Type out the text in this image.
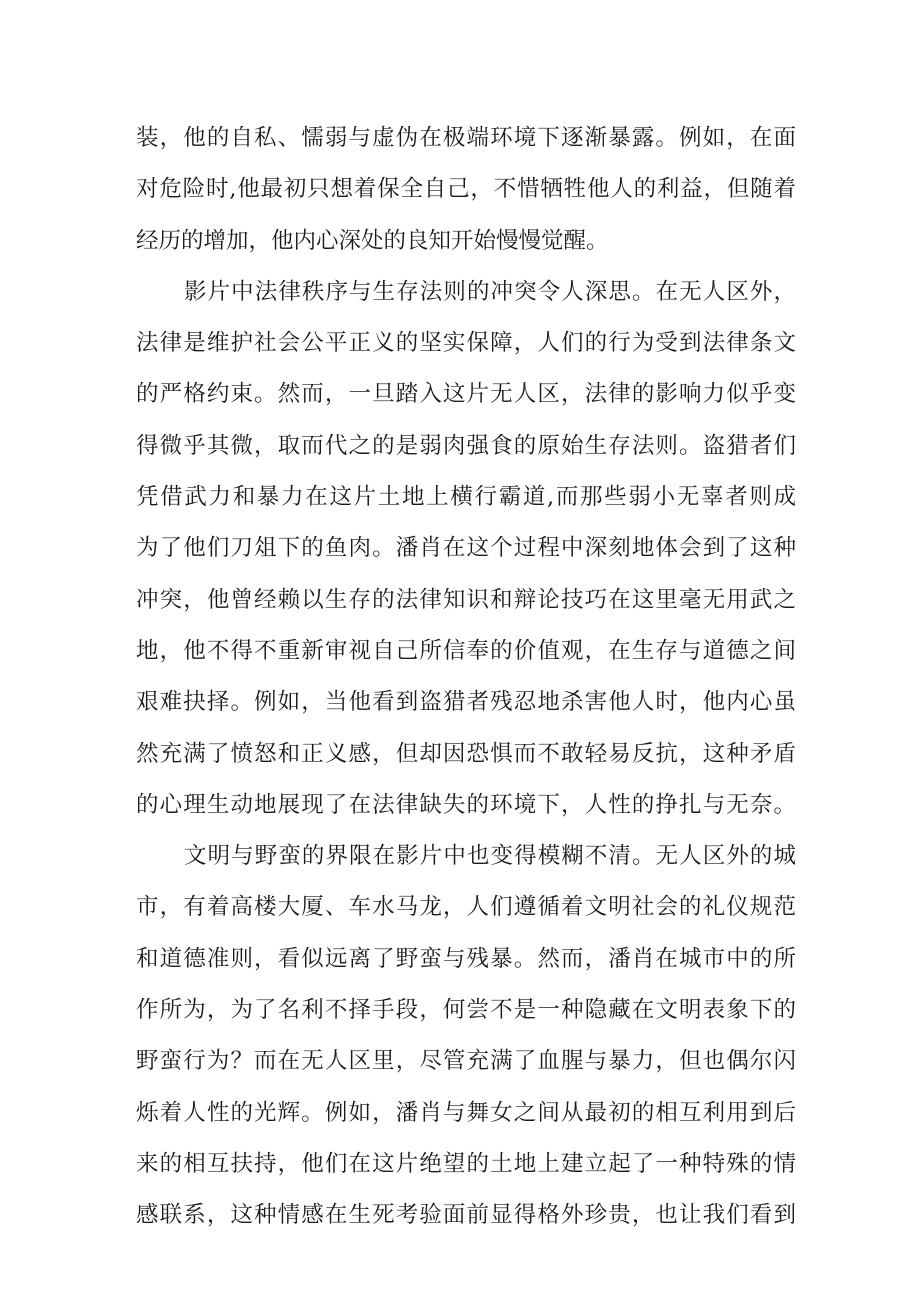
装，他的自私、懦弱与虚伪在极端环境下逐渐暴露。例如，在面
对危险时,他最初只想着保全自己，不惜牺牲他人的利益，但随着
经历的增加，他内心深处的良知开始慢慢觉醒。
影片中法律秩序与生存法则的冲突令人深思。在无人区外，
法律是维护社会公平正义的坚实保障，人们的行为受到法律条文
的严格约束。然而，一旦踏入这片无人区，法律的影响力似乎变
得微乎其微，取而代之的是弱肉强食的原始生存法则。盗猎者们
凭借武力和暴力在这片土地上横行霸道,而那些弱小无辜者则成
为了他们刀俎下的鱼肉。潘肖在这个过程中深刻地体会到了这种
冲突，他曾经赖以生存的法律知识和辩论技巧在这里毫无用武之
地，他不得不重新审视自己所信奉的价值观，在生存与道德之间
艰难抉择。例如，当他看到盗猎者残忍地杀害他人时，他内心虽
然充满了愤怒和正义感，但却因恐惧而不敢轻易反抗，这种矛盾
的心理生动地展现了在法律缺失的环境下，人性的挣扎与无奈。
文明与野蛮的界限在影片中也变得模糊不清。无人区外的城
市，有着高楼大厦、车水马龙，人们遵循着文明社会的礼仪规范
和道德准则，看似远离了野蛮与残暴。然而，潘肖在城市中的所
作所为，为了名利不择手段，何尝不是一种隐藏在文明表象下的
野蛮行为？而在无人区里，尽管充满了血腥与暴力，但也偶尔闪
烁着人性的光辉。例如，潘肖与舞女之间从最初的相互利用到后
来的相互扶持，他们在这片绝望的土地上建立起了一种特殊的情
感联系，这种情感在生死考验面前显得格外珍贵，也让我们看到
